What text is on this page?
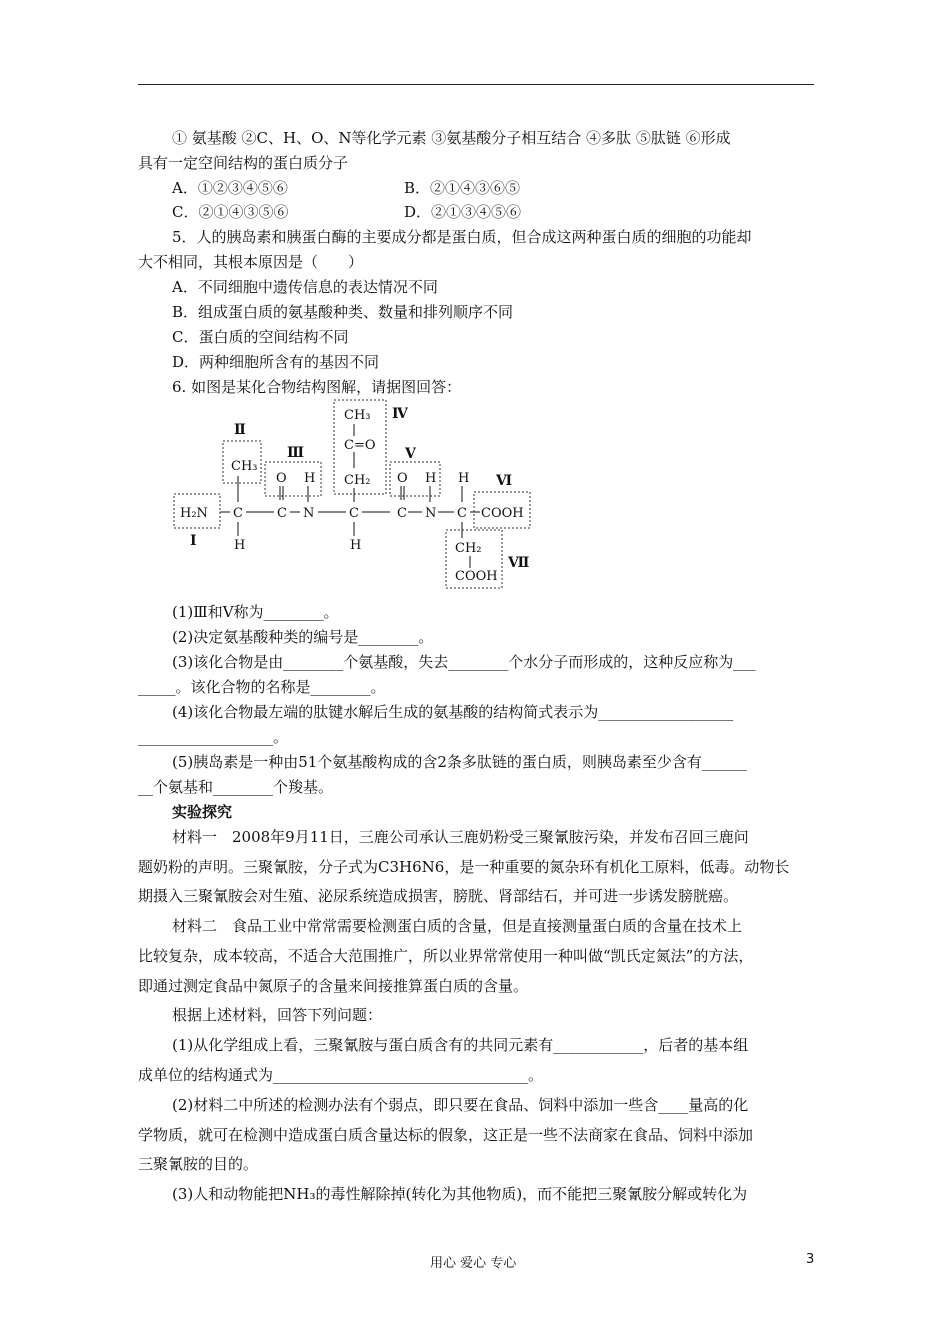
① 氨基酸 ②C、H、O、N等化学元素 ③氨基酸分子相互结合 ④多肽 ⑤肽链 ⑥形成
具有一定空间结构的蛋白质分子
A．①②③④⑤⑥	B．②①④③⑥⑤
C．②①④③⑤⑥	D．②①③④⑤⑥
5．人的胰岛素和胰蛋白酶的主要成分都是蛋白质，但合成这两种蛋白质的细胞的功能却
大不相同，其根本原因是（　　）
A．不同细胞中遗传信息的表达情况不同
B．组成蛋白质的氨基酸种类、数量和排列顺序不同
C．蛋白质的空间结构不同
D．两种细胞所含有的基因不同
6. 如图是某化合物结构图解，请据图回答：
H₂N C
CH₃
H
C
O
N
H
C
H
CH₂
C=O
CH₃
C
O
N
H
C
H
COOH
CH₂
COOH
Ⅰ
Ⅱ
Ⅲ
Ⅳ
Ⅴ
Ⅵ
Ⅶ
(1)Ⅲ和Ⅴ称为________。
(2)决定氨基酸种类的编号是________。
(3)该化合物是由________个氨基酸，失去________个水分子而形成的，这种反应称为___
_____。该化合物的名称是________。
(4)该化合物最左端的肽键水解后生成的氨基酸的结构简式表示为__________________
__________________。
(5)胰岛素是一种由51个氨基酸构成的含2条多肽链的蛋白质，则胰岛素至少含有______
__个氨基和________个羧基。
实验探究
材料一　2008年9月11日，三鹿公司承认三鹿奶粉受三聚氰胺污染，并发布召回三鹿问
题奶粉的声明。三聚氰胺，分子式为C3H6N6，是一种重要的氮杂环有机化工原料，低毒。动物长
期摄入三聚氰胺会对生殖、泌尿系统造成损害，膀胱、肾部结石，并可进一步诱发膀胱癌。
材料二　食品工业中常常需要检测蛋白质的含量，但是直接测量蛋白质的含量在技术上
比较复杂，成本较高，不适合大范围推广，所以业界常常使用一种叫做“凯氏定氮法”的方法，
即通过测定食品中氮原子的含量来间接推算蛋白质的含量。
根据上述材料，回答下列问题：
(1)从化学组成上看，三聚氰胺与蛋白质含有的共同元素有____________，后者的基本组
成单位的结构通式为__________________________________。
(2)材料二中所述的检测办法有个弱点，即只要在食品、饲料中添加一些含____量高的化
学物质，就可在检测中造成蛋白质含量达标的假象，这正是一些不法商家在食品、饲料中添加
三聚氰胺的目的。
(3)人和动物能把NH₃的毒性解除掉(转化为其他物质)，而不能把三聚氰胺分解或转化为
用心 爱心 专心	3
